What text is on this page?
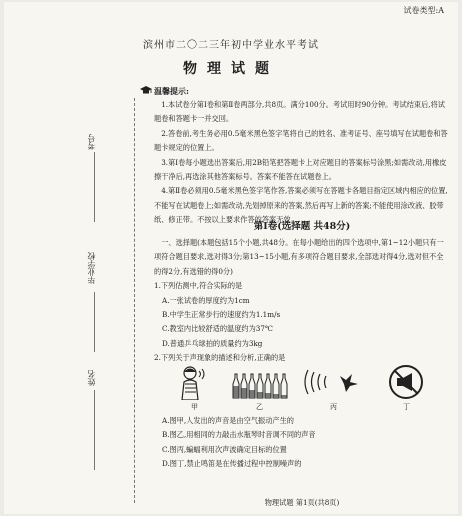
试卷类型:A
滨州市二〇二三年初中学业水平考试
物理试题
考号
毕业学校
姓名
温馨提示:

1.本试卷分第Ⅰ卷和第Ⅱ卷两部分,共8页。满分100分。考试用时90分钟。考试结束后,将试题卷和答题卡一并交回。

2.答卷前,考生务必用0.5毫米黑色签字笔将自己的姓名、准考证号、座号填写在试题卷和答题卡规定的位置上。

3.第Ⅰ卷每小题选出答案后,用2B铅笔把答题卡上对应题目的答案标号涂黑;如需改动,用橡皮擦干净后,再选涂其他答案标号。答案不能答在试题卷上。

4.第Ⅱ卷必须用0.5毫米黑色签字笔作答,答案必须写在答题卡各题目指定区域内相应的位置,不能写在试题卷上;如需改动,先划掉原来的答案,然后再写上新的答案;不能使用涂改液、胶带纸、修正带。不按以上要求作答的答案无效。

第Ⅰ卷(选择题 共48分)

一、选择题(本题包括15个小题,共48分。在每小题给出的四个选项中,第1~12小题只有一项符合题目要求,选对得3分;第13~15小题,有多项符合题目要求,全部选对得4分,选对但不全的得2分,有选错的得0分)

1.下列估测中,符合实际的是

A.一张试卷的厚度约为1cm

B.中学生正常步行的速度约为1.1m/s

C.教室内比较舒适的温度约为37℃

D.普通乒乓球拍的质量约为3kg

2.下列关于声现象的描述和分析,正确的是

甲	乙	丙	丁

A.图甲,人发出的声音是由空气振动产生的

B.图乙,用相同的力敲击水瓶琴时音调不同的声音

C.图丙,蝙蝠利用次声波确定目标的位置

D.图丁,禁止鸣笛是在传播过程中控制噪声的

物理试题 第1页(共8页)
